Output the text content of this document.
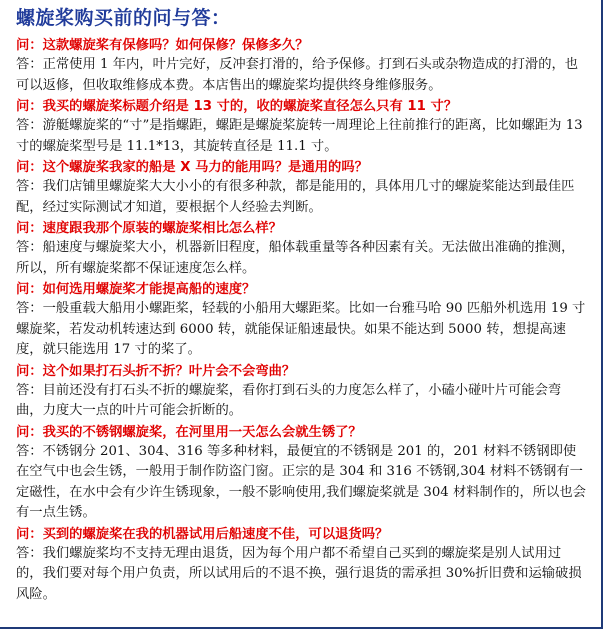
螺旋桨购买前的问与答：
问：这款螺旋桨有保修吗？如何保修？保修多久？
答：正常使用 1 年内，叶片完好，反冲套打滑的，给予保修。打到石头或杂物造成的打滑的，也可以返修，但收取维修成本费。本店售出的螺旋桨均提供终身维修服务。
问：我买的螺旋桨标题介绍是 13 寸的，收的螺旋桨直径怎么只有 11 寸？
答：游艇螺旋桨的“寸”是指螺距，螺距是螺旋桨旋转一周理论上往前推行的距离，比如螺距为 13 寸的螺旋桨型号是 11.1*13，其旋转直径是 11.1 寸。
问：这个螺旋桨我家的船是 X 马力的能用吗？是通用的吗？
答：我们店铺里螺旋桨大大小小的有很多种款，都是能用的，具体用几寸的螺旋桨能达到最佳匹配，经过实际测试才知道，要根据个人经验去判断。
问：速度跟我那个原装的螺旋桨相比怎么样？
答：船速度与螺旋桨大小，机器新旧程度，船体载重量等各种因素有关。无法做出准确的推测，所以，所有螺旋桨都不保证速度怎么样。
问：如何选用螺旋桨才能提高船的速度？
答：一般重载大船用小螺距桨，轻载的小船用大螺距桨。比如一台雅马哈 90 匹船外机选用 19 寸螺旋桨，若发动机转速达到 6000 转，就能保证船速最快。如果不能达到 5000 转，想提高速度，就只能选用 17 寸的桨了。
问：这个如果打石头折不折？叶片会不会弯曲？
答：目前还没有打石头不折的螺旋桨，看你打到石头的力度怎么样了，小磕小碰叶片可能会弯曲，力度大一点的叶片可能会折断的。
问：我买的不锈钢螺旋桨，在河里用一天怎么会就生锈了？
答：不锈钢分 201、304、316 等多种材料，最便宜的不锈钢是 201 的，201 材料不锈钢即使在空气中也会生锈，一般用于制作防盗门窗。正宗的是 304 和 316 不锈钢,304 材料不锈钢有一定磁性，在水中会有少许生锈现象，一般不影响使用,我们螺旋桨就是 304 材料制作的，所以也会有一点生锈。
问：买到的螺旋桨在我的机器试用后船速度不佳，可以退货吗？
答：我们螺旋桨均不支持无理由退货，因为每个用户都不希望自己买到的螺旋桨是别人试用过的，我们要对每个用户负责，所以试用后的不退不换，强行退货的需承担 30%折旧费和运输破损风险。
